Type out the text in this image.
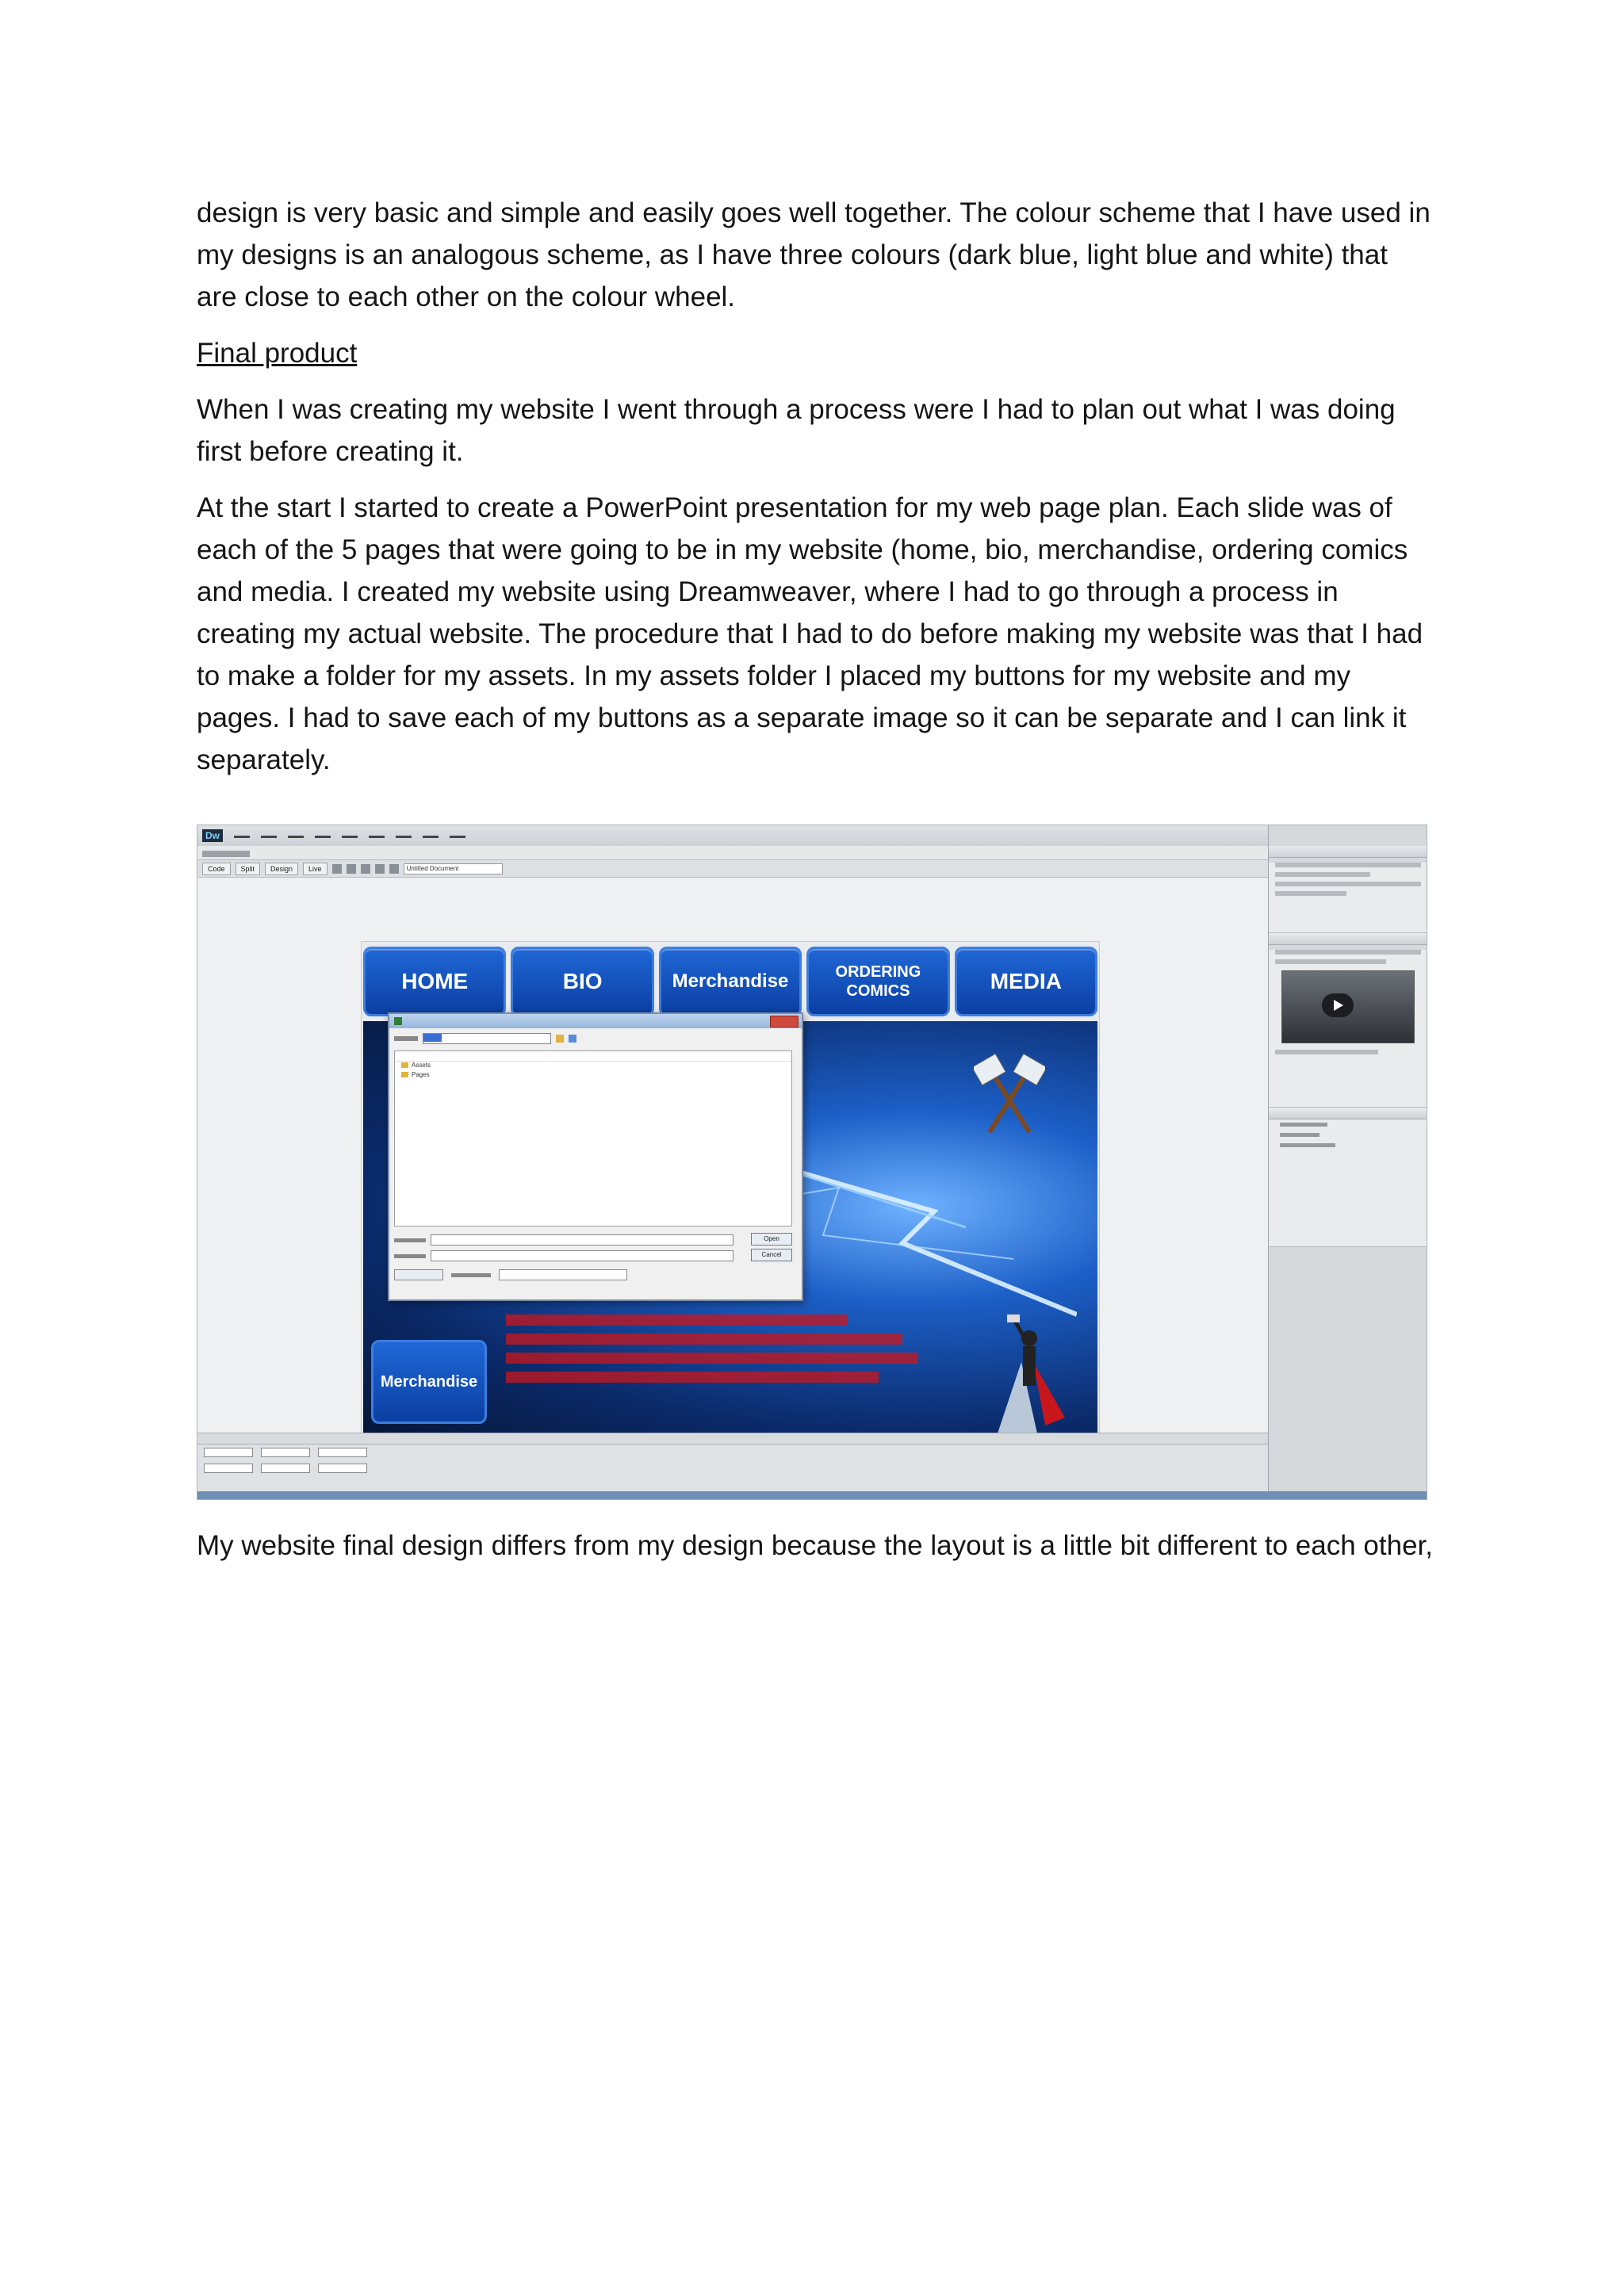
design is very basic and simple and easily goes well together. The colour scheme that I have used in my designs is an analogous scheme, as I have three colours (dark blue, light blue and white) that are close to each other on the colour wheel.

Final product

When I was creating my website I went through a process were I had to plan out what I was doing first before creating it.

At the start I started to create a PowerPoint presentation for my web page plan. Each slide was of each of the 5 pages that were going to be in my website (home, bio, merchandise, ordering comics and media. I created my website using Dreamweaver, where I had to go through a process in creating my actual website. The procedure that I had to do before making my website was that I had to make a folder for my assets. In my assets folder I placed my buttons for my website and my pages. I had to save each of my buttons as a separate image so it can be separate and I can link it separately.

Dw	▬▬ ▬▬ ▬▬ ▬▬ ▬▬ ▬▬ ▬▬ ▬▬ ▬▬
Code	Split	Design	Live	Untitled Document
HOME	BIO	Merchandise	ORDERING COMICS	MEDIA
Merchandise

Assets
Pages
Open
Cancel

My website final design differs from my design because the layout is a little bit different to each other,
